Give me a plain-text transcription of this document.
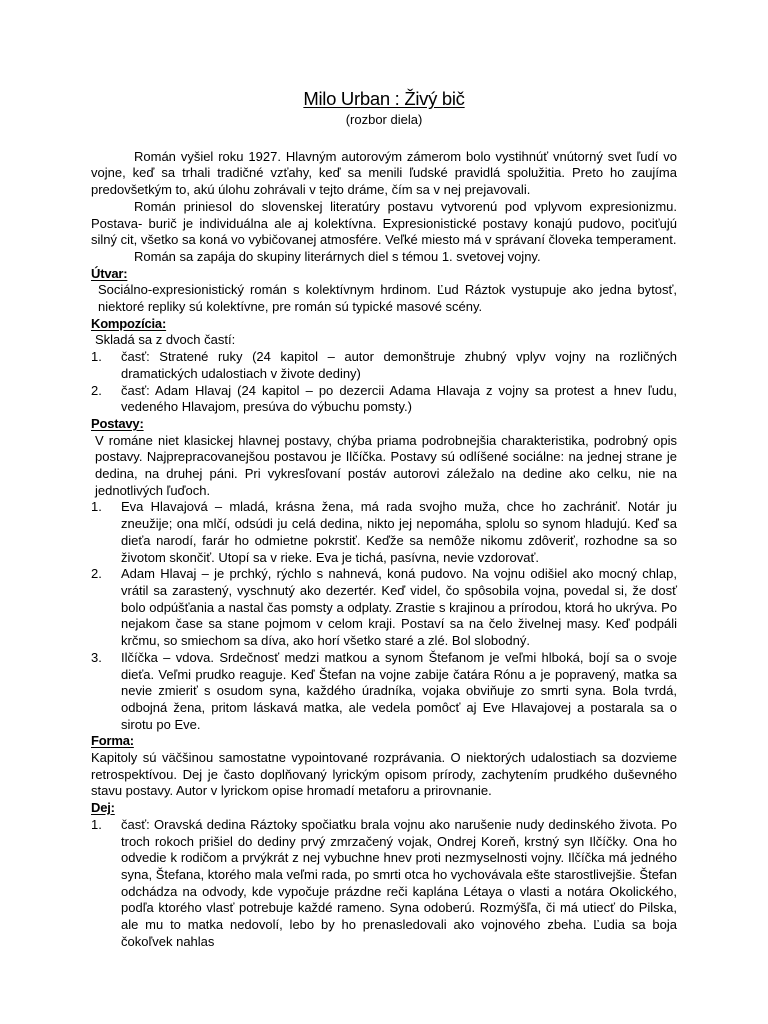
Milo Urban : Živý bič
(rozbor diela)

Román vyšiel roku 1927. Hlavným autorovým zámerom bolo vystihnúť vnútorný svet ľudí vo vojne, keď sa trhali tradičné vzťahy, keď sa menili ľudské pravidlá spolužitia. Preto ho zaujíma predovšetkým to, akú úlohu zohrávali v tejto dráme, čím sa v nej prejavovali.

Román priniesol do slovenskej literatúry postavu vytvorenú pod vplyvom expresionizmu. Postava- burič je individuálna ale aj kolektívna. Expresionistické postavy konajú pudovo, pociťujú silný cit, všetko sa koná vo vybičovanej atmosfére. Veľké miesto má v správaní človeka temperament.

Román sa zapája do skupiny literárnych diel s témou 1. svetovej vojny.

Útvar:

Sociálno-expresionistický román s kolektívnym hrdinom. Ľud Ráztok vystupuje ako jedna bytosť, niektoré repliky sú kolektívne, pre román sú typické masové scény.

Kompozícia:

Skladá sa z dvoch častí:

1. časť: Stratené ruky (24 kapitol – autor demonštruje zhubný vplyv vojny na rozličných dramatických udalostiach v živote dediny)
2. časť: Adam Hlavaj (24 kapitol – po dezercii Adama Hlavaja z vojny sa protest a hnev ľudu, vedeného Hlavajom, presúva do výbuchu pomsty.)
Postavy:

V románe niet klasickej hlavnej postavy, chýba priama podrobnejšia charakteristika, podrobný opis postavy. Najprepracovanejšou postavou je Ilčíčka. Postavy sú odlíšené sociálne: na jednej strane je dedina, na druhej páni. Pri vykresľovaní postáv autorovi záležalo na dedine ako celku, nie na jednotlivých ľuďoch.

1. Eva Hlavajová – mladá, krásna žena, má rada svojho muža, chce ho zachrániť. Notár ju zneužije; ona mlčí, odsúdi ju celá dedina, nikto jej nepomáha, splolu so synom hladujú. Keď sa dieťa narodí, farár ho odmietne pokrstiť. Keďže sa nemôže nikomu zdôveriť, rozhodne sa so životom skončiť. Utopí sa v rieke. Eva je tichá, pasívna, nevie vzdorovať.
2. Adam Hlavaj – je prchký, rýchlo s nahnevá, koná pudovo. Na vojnu odišiel ako mocný chlap, vrátil sa zarastený, vyschnutý ako dezertér. Keď videl, čo spôsobila vojna, povedal si, že dosť bolo odpúšťania a nastal čas pomsty a odplaty. Zrastie s krajinou a prírodou, ktorá ho ukrýva. Po nejakom čase sa stane pojmom v celom kraji. Postaví sa na čelo živelnej masy. Keď podpáli krčmu, so smiechom sa díva, ako horí všetko staré a zlé. Bol slobodný.
3. Ilčíčka – vdova. Srdečnosť medzi matkou a synom Štefanom je veľmi hlboká, bojí sa o svoje dieťa. Veľmi prudko reaguje. Keď Štefan na vojne zabije čatára Rónu a je popravený, matka sa nevie zmieriť s osudom syna, každého úradníka, vojaka obviňuje zo smrti syna. Bola tvrdá, odbojná žena, pritom láskavá matka, ale vedela pomôcť aj Eve Hlavajovej a postarala sa o sirotu po Eve.
Forma:

Kapitoly sú väčšinou samostatne vypointované rozprávania. O niektorých udalostiach sa dozvieme retrospektívou. Dej je často doplňovaný lyrickým opisom prírody, zachytením prudkého duševného stavu postavy. Autor v lyrickom opise hromadí metaforu a prirovnanie.

Dej:
1. časť: Oravská dedina Ráztoky spočiatku brala vojnu ako narušenie nudy dedinského života. Po troch rokoch prišiel do dediny prvý zmrzačený vojak, Ondrej Koreň, krstný syn Ilčíčky. Ona ho odvedie k rodičom a prvýkrát z nej vybuchne hnev proti nezmyselnosti vojny. Ilčíčka má jedného syna, Štefana, ktorého mala veľmi rada, po smrti otca ho vychovávala ešte starostlivejšie. Štefan odchádza na odvody, kde vypočuje prázdne reči kaplána Létaya o vlasti a notára Okolického, podľa ktorého vlasť potrebuje každé rameno. Syna odoberú. Rozmýšľa, či má utiecť do Pilska, ale mu to matka nedovolí, lebo by ho prenasledovali ako vojnového zbeha. Ľudia sa boja čokoľvek nahlas
